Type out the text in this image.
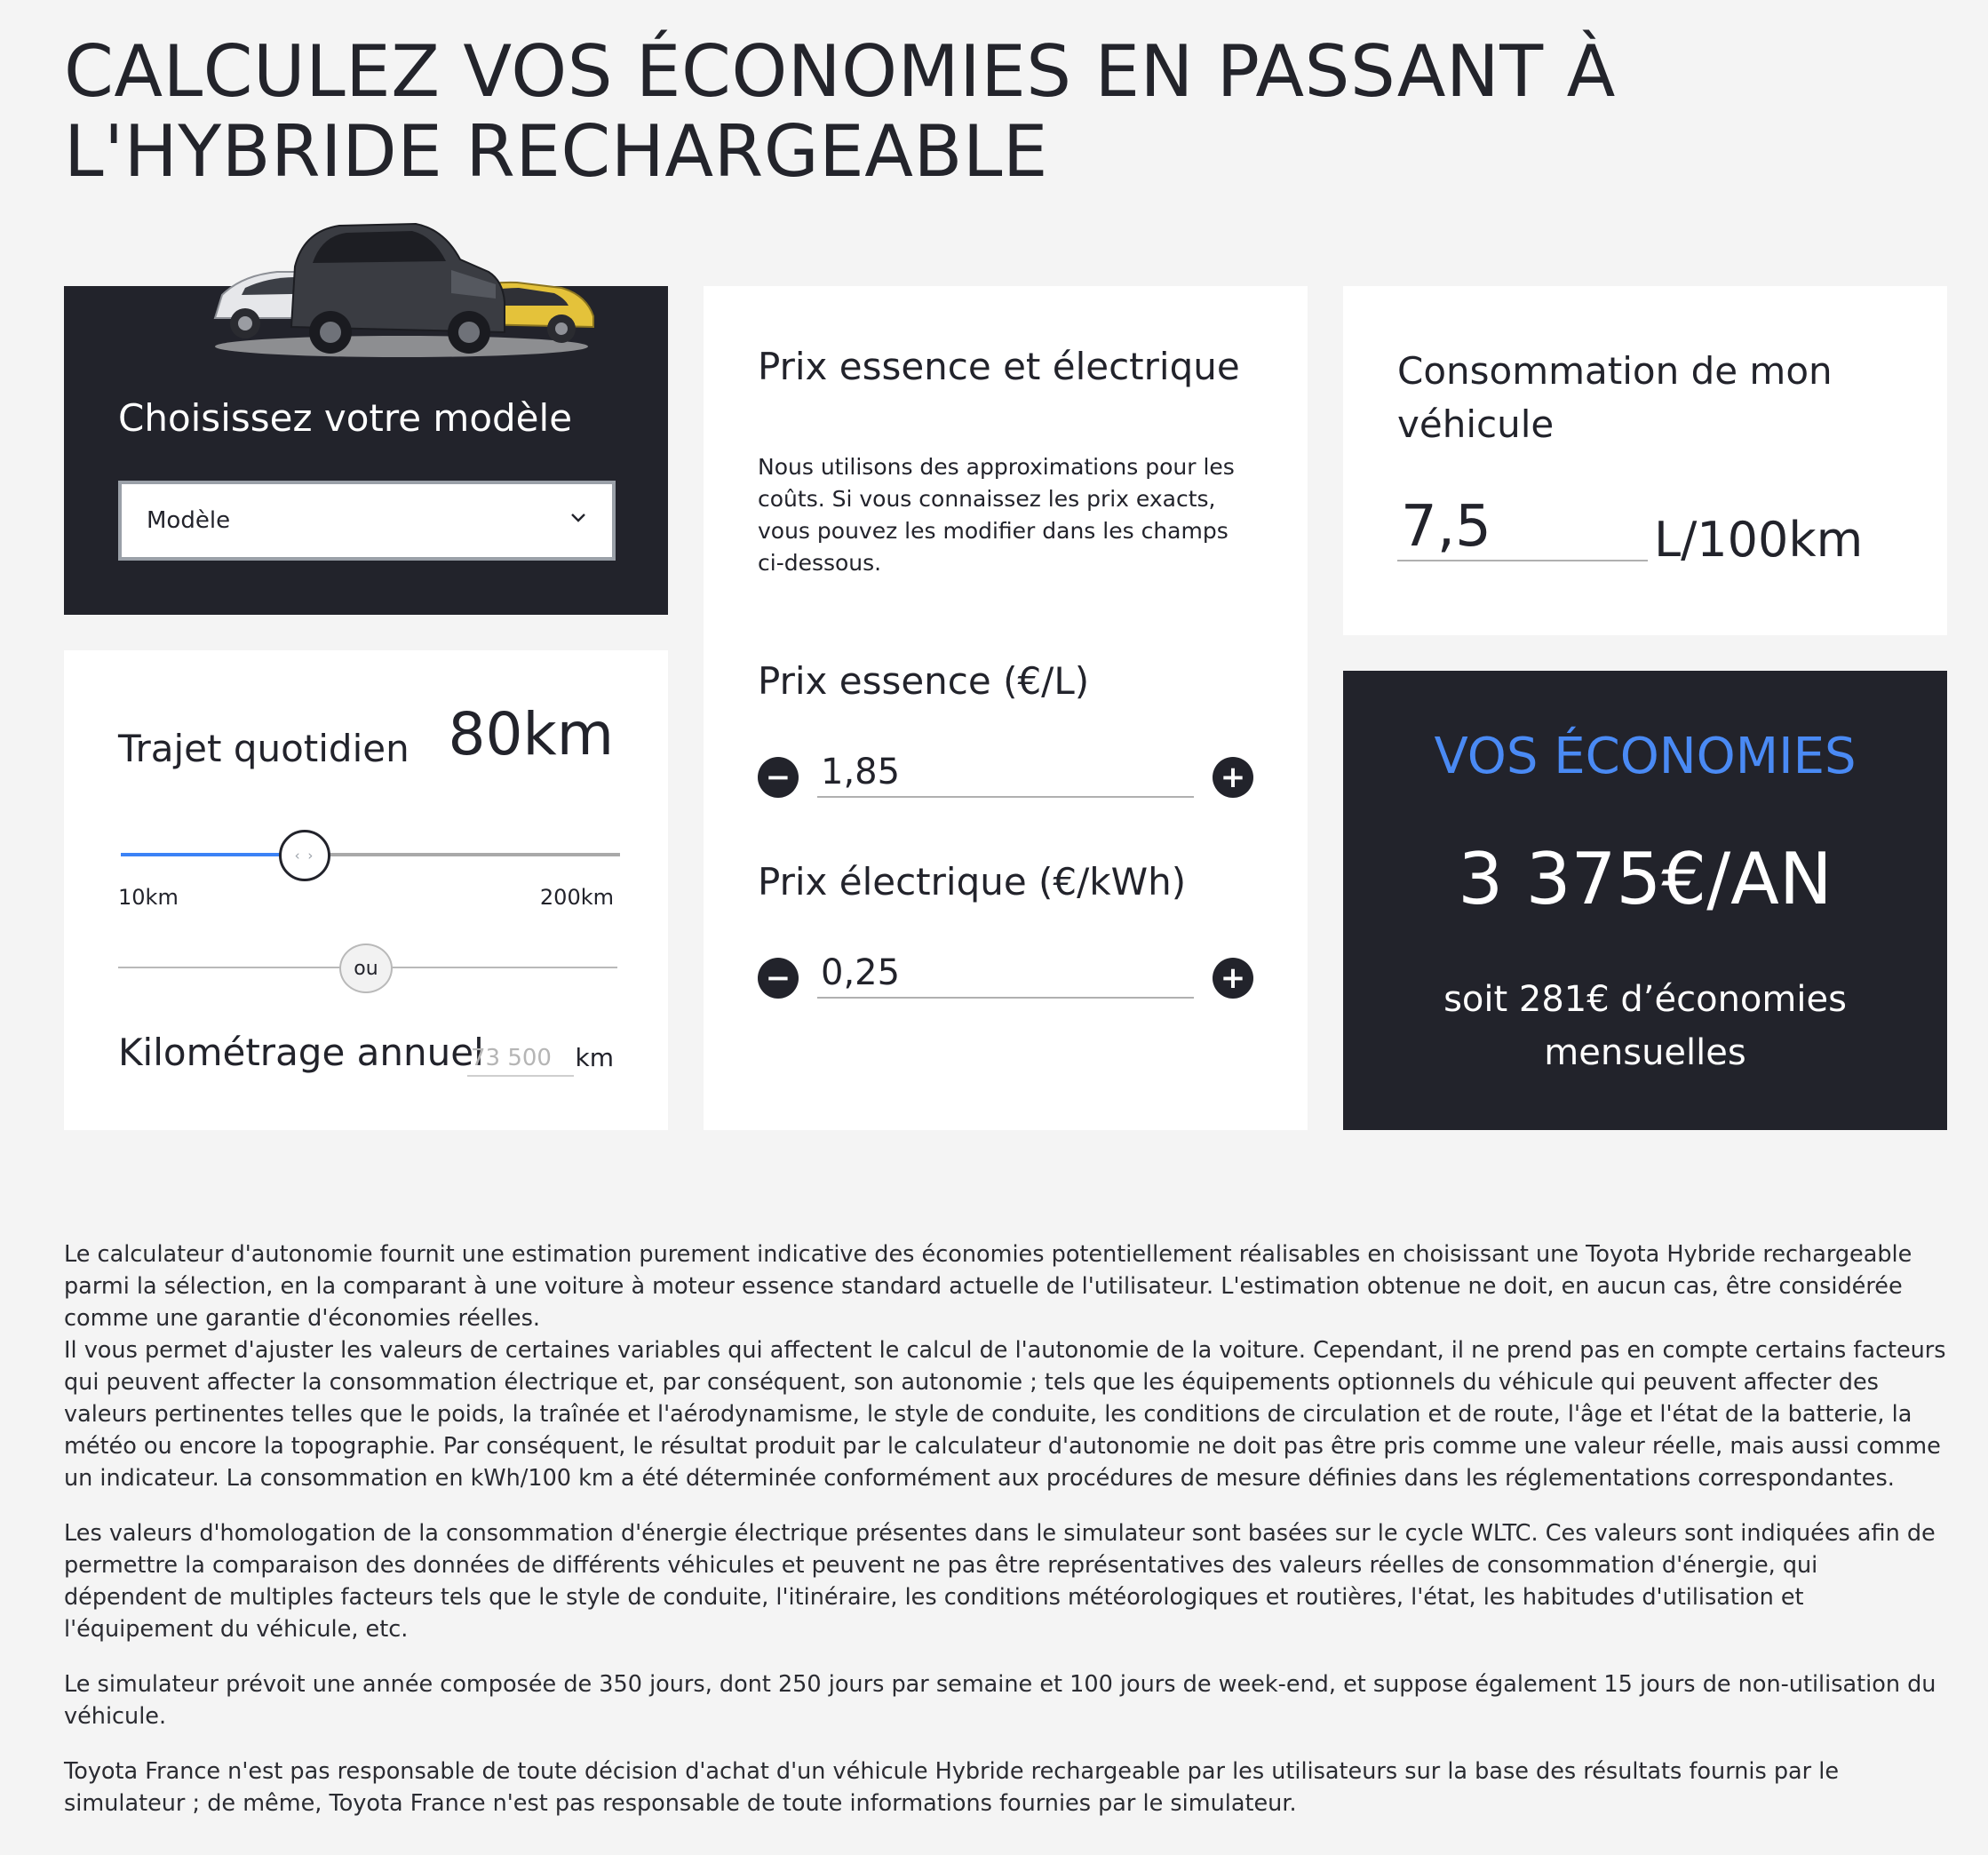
CALCULEZ VOS ÉCONOMIES EN PASSANT À L'HYBRIDE RECHARGEABLE
Choisissez votre modèle
Modèle
Trajet quotidien 80km
‹ ›
10km	200km
ou
Kilométrage annuel
73 500	km
Prix essence et électrique
Nous utilisons des approximations pour les coûts. Si vous connaissez les prix exacts, vous pouvez les modifier dans les champs ci-dessous.
Prix essence (€/L)
−
1,85	+
Prix électrique (€/kWh)
−
0,25	+
Consommation de mon véhicule
7,5
L/100km
VOS ÉCONOMIES
3 375€/AN
soit 281€ d’économies mensuelles

Le calculateur d'autonomie fournit une estimation purement indicative des économies potentiellement réalisables en choisissant une Toyota Hybride rechargeable parmi la sélection, en la comparant à une voiture à moteur essence standard actuelle de l'utilisateur. L'estimation obtenue ne doit, en aucun cas, être considérée comme une garantie d'économies réelles.

Il vous permet d'ajuster les valeurs de certaines variables qui affectent le calcul de l'autonomie de la voiture. Cependant, il ne prend pas en compte certains facteurs qui peuvent affecter la consommation électrique et, par conséquent, son autonomie ; tels que les équipements optionnels du véhicule qui peuvent affecter des valeurs pertinentes telles que le poids, la traînée et l'aérodynamisme, le style de conduite, les conditions de circulation et de route, l'âge et l'état de la batterie, la météo ou encore la topographie. Par conséquent, le résultat produit par le calculateur d'autonomie ne doit pas être pris comme une valeur réelle, mais aussi comme un indicateur. La consommation en kWh/100 km a été déterminée conformément aux procédures de mesure définies dans les réglementations correspondantes.

Les valeurs d'homologation de la consommation d'énergie électrique présentes dans le simulateur sont basées sur le cycle WLTC. Ces valeurs sont indiquées afin de permettre la comparaison des données de différents véhicules et peuvent ne pas être représentatives des valeurs réelles de consommation d'énergie, qui dépendent de multiples facteurs tels que le style de conduite, l'itinéraire, les conditions météorologiques et routières, l'état, les habitudes d'utilisation et l'équipement du véhicule, etc.

Le simulateur prévoit une année composée de 350 jours, dont 250 jours par semaine et 100 jours de week-end, et suppose également 15 jours de non-utilisation du véhicule.

Toyota France n'est pas responsable de toute décision d'achat d'un véhicule Hybride rechargeable par les utilisateurs sur la base des résultats fournis par le simulateur ; de même, Toyota France n'est pas responsable de toute informations fournies par le simulateur.
